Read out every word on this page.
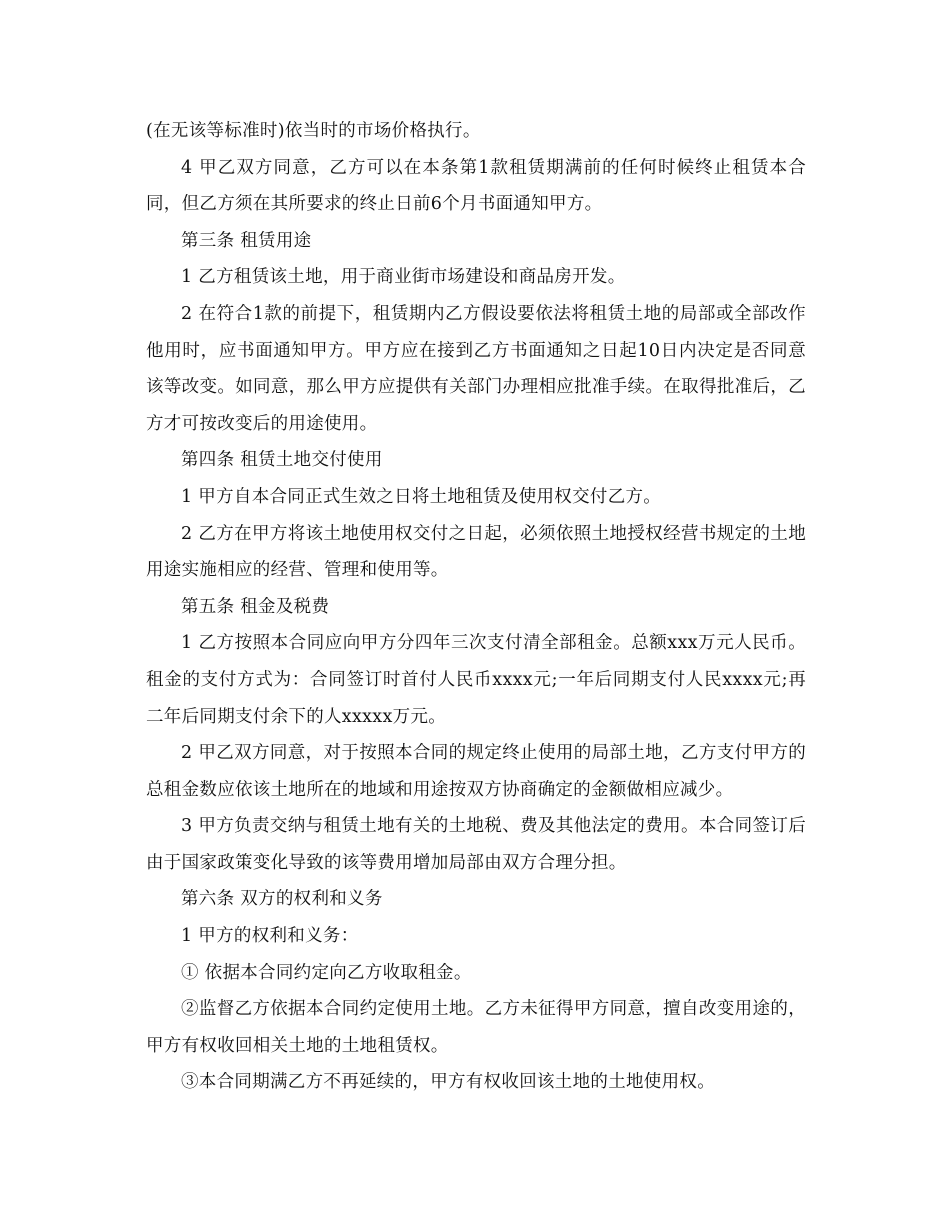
(在无该等标准时)依当时的市场价格执行。

4 甲乙双方同意，乙方可以在本条第1款租赁期满前的任何时候终止租赁本合同，但乙方须在其所要求的终止日前6个月书面通知甲方。

第三条 租赁用途

1 乙方租赁该土地，用于商业街市场建设和商品房开发。

2 在符合1款的前提下，租赁期内乙方假设要依法将租赁土地的局部或全部改作他用时，应书面通知甲方。甲方应在接到乙方书面通知之日起10日内决定是否同意该等改变。如同意，那么甲方应提供有关部门办理相应批准手续。在取得批准后，乙方才可按改变后的用途使用。

第四条 租赁土地交付使用

1 甲方自本合同正式生效之日将土地租赁及使用权交付乙方。

2 乙方在甲方将该土地使用权交付之日起，必须依照土地授权经营书规定的土地用途实施相应的经营、管理和使用等。

第五条 租金及税费

1 乙方按照本合同应向甲方分四年三次支付清全部租金。总额xxx万元人民币。租金的支付方式为：合同签订时首付人民币xxxx元;一年后同期支付人民xxxx元;再二年后同期支付余下的人xxxxx万元。

2 甲乙双方同意，对于按照本合同的规定终止使用的局部土地，乙方支付甲方的总租金数应依该土地所在的地域和用途按双方协商确定的金额做相应减少。

3 甲方负责交纳与租赁土地有关的土地税、费及其他法定的费用。本合同签订后由于国家政策变化导致的该等费用增加局部由双方合理分担。

第六条 双方的权利和义务

1 甲方的权利和义务：

① 依据本合同约定向乙方收取租金。

②监督乙方依据本合同约定使用土地。乙方未征得甲方同意，擅自改变用途的，甲方有权收回相关土地的土地租赁权。

③本合同期满乙方不再延续的，甲方有权收回该土地的土地使用权。
